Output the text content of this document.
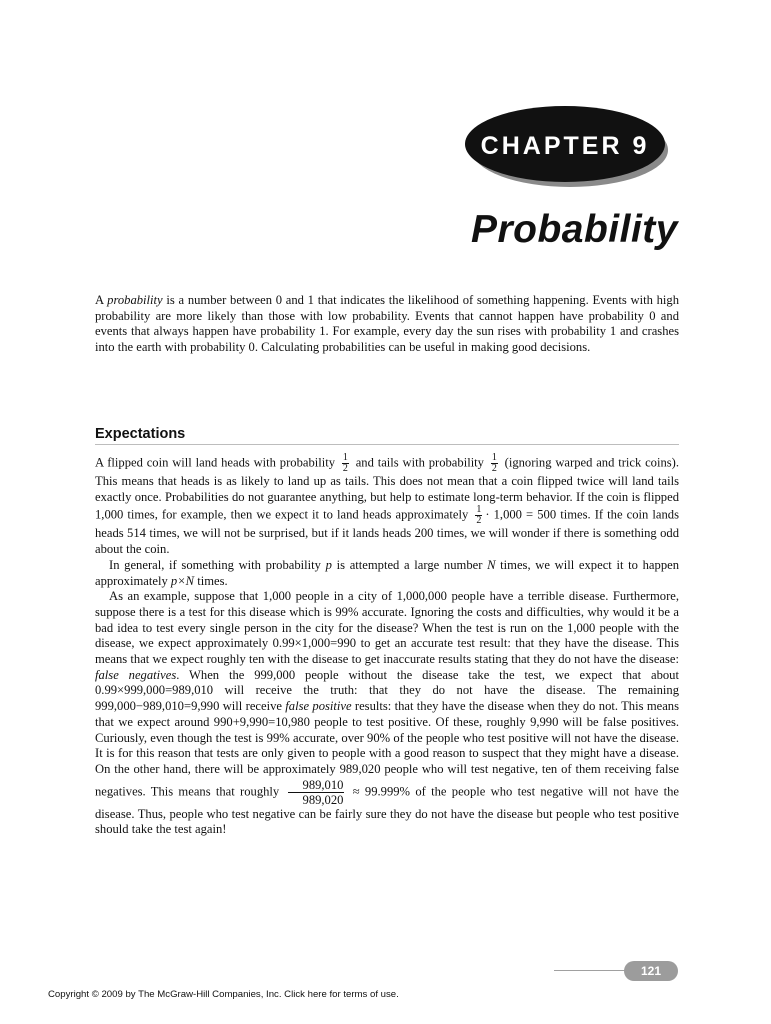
CHAPTER 9
Probability
A probability is a number between 0 and 1 that indicates the likelihood of something happening. Events with high probability are more likely than those with low probability. Events that cannot happen have probability 0 and events that always happen have probability 1. For example, every day the sun rises with probability 1 and crashes into the earth with probability 0. Calculating probabilities can be useful in making good decisions.
Expectations

A flipped coin will land heads with probability $\frac{1}{2}$ and tails with probability $\frac{1}{2}$ (ignoring warped and trick coins). This means that heads is as likely to land up as tails. This does not mean that a coin flipped twice will land tails exactly once. Probabilities do not guarantee anything, but help to estimate long-term behavior. If the coin is flipped 1,000 times, for example, then we expect it to land heads approximately $\frac{1}{2} \cdot 1,000 = 500$ times. If the coin lands heads 514 times, we will not be surprised, but if it lands heads 200 times, we will wonder if there is something odd about the coin.

In general, if something with probability p is attempted a large number N times, we will expect it to happen approximately p×N times.

As an example, suppose that 1,000 people in a city of 1,000,000 people have a terrible disease. Furthermore, suppose there is a test for this disease which is 99% accurate. Ignoring the costs and difficulties, why would it be a bad idea to test every single person in the city for the disease? When the test is run on the 1,000 people with the disease, we expect approximately 0.99×1,000=990 to get an accurate test result: that they have the disease. This means that we expect roughly ten with the disease to get inaccurate results stating that they do not have the disease: false negatives. When the 999,000 people without the disease take the test, we expect that about 0.99×999,000=989,010 will receive the truth: that they do not have the disease. The remaining 999,000−989,010=9,990 will receive false positive results: that they have the disease when they do not. This means that we expect around 990+9,990=10,980 people to test positive. Of these, roughly 9,990 will be false positives. Curiously, even though the test is 99% accurate, over 90% of the people who test positive will not have the disease. It is for this reason that tests are only given to people with a good reason to suspect that they might have a disease. On the other hand, there will be approximately 989,020 people who will test negative, ten of them receiving false negatives. This means that roughly $\frac{989,010}{989,020} \approx 99.999\%$ of the people who test negative will not have the disease. Thus, people who test negative can be fairly sure they do not have the disease but people who test positive should take the test again!

121
Copyright © 2009 by The McGraw-Hill Companies, Inc. Click here for terms of use.
